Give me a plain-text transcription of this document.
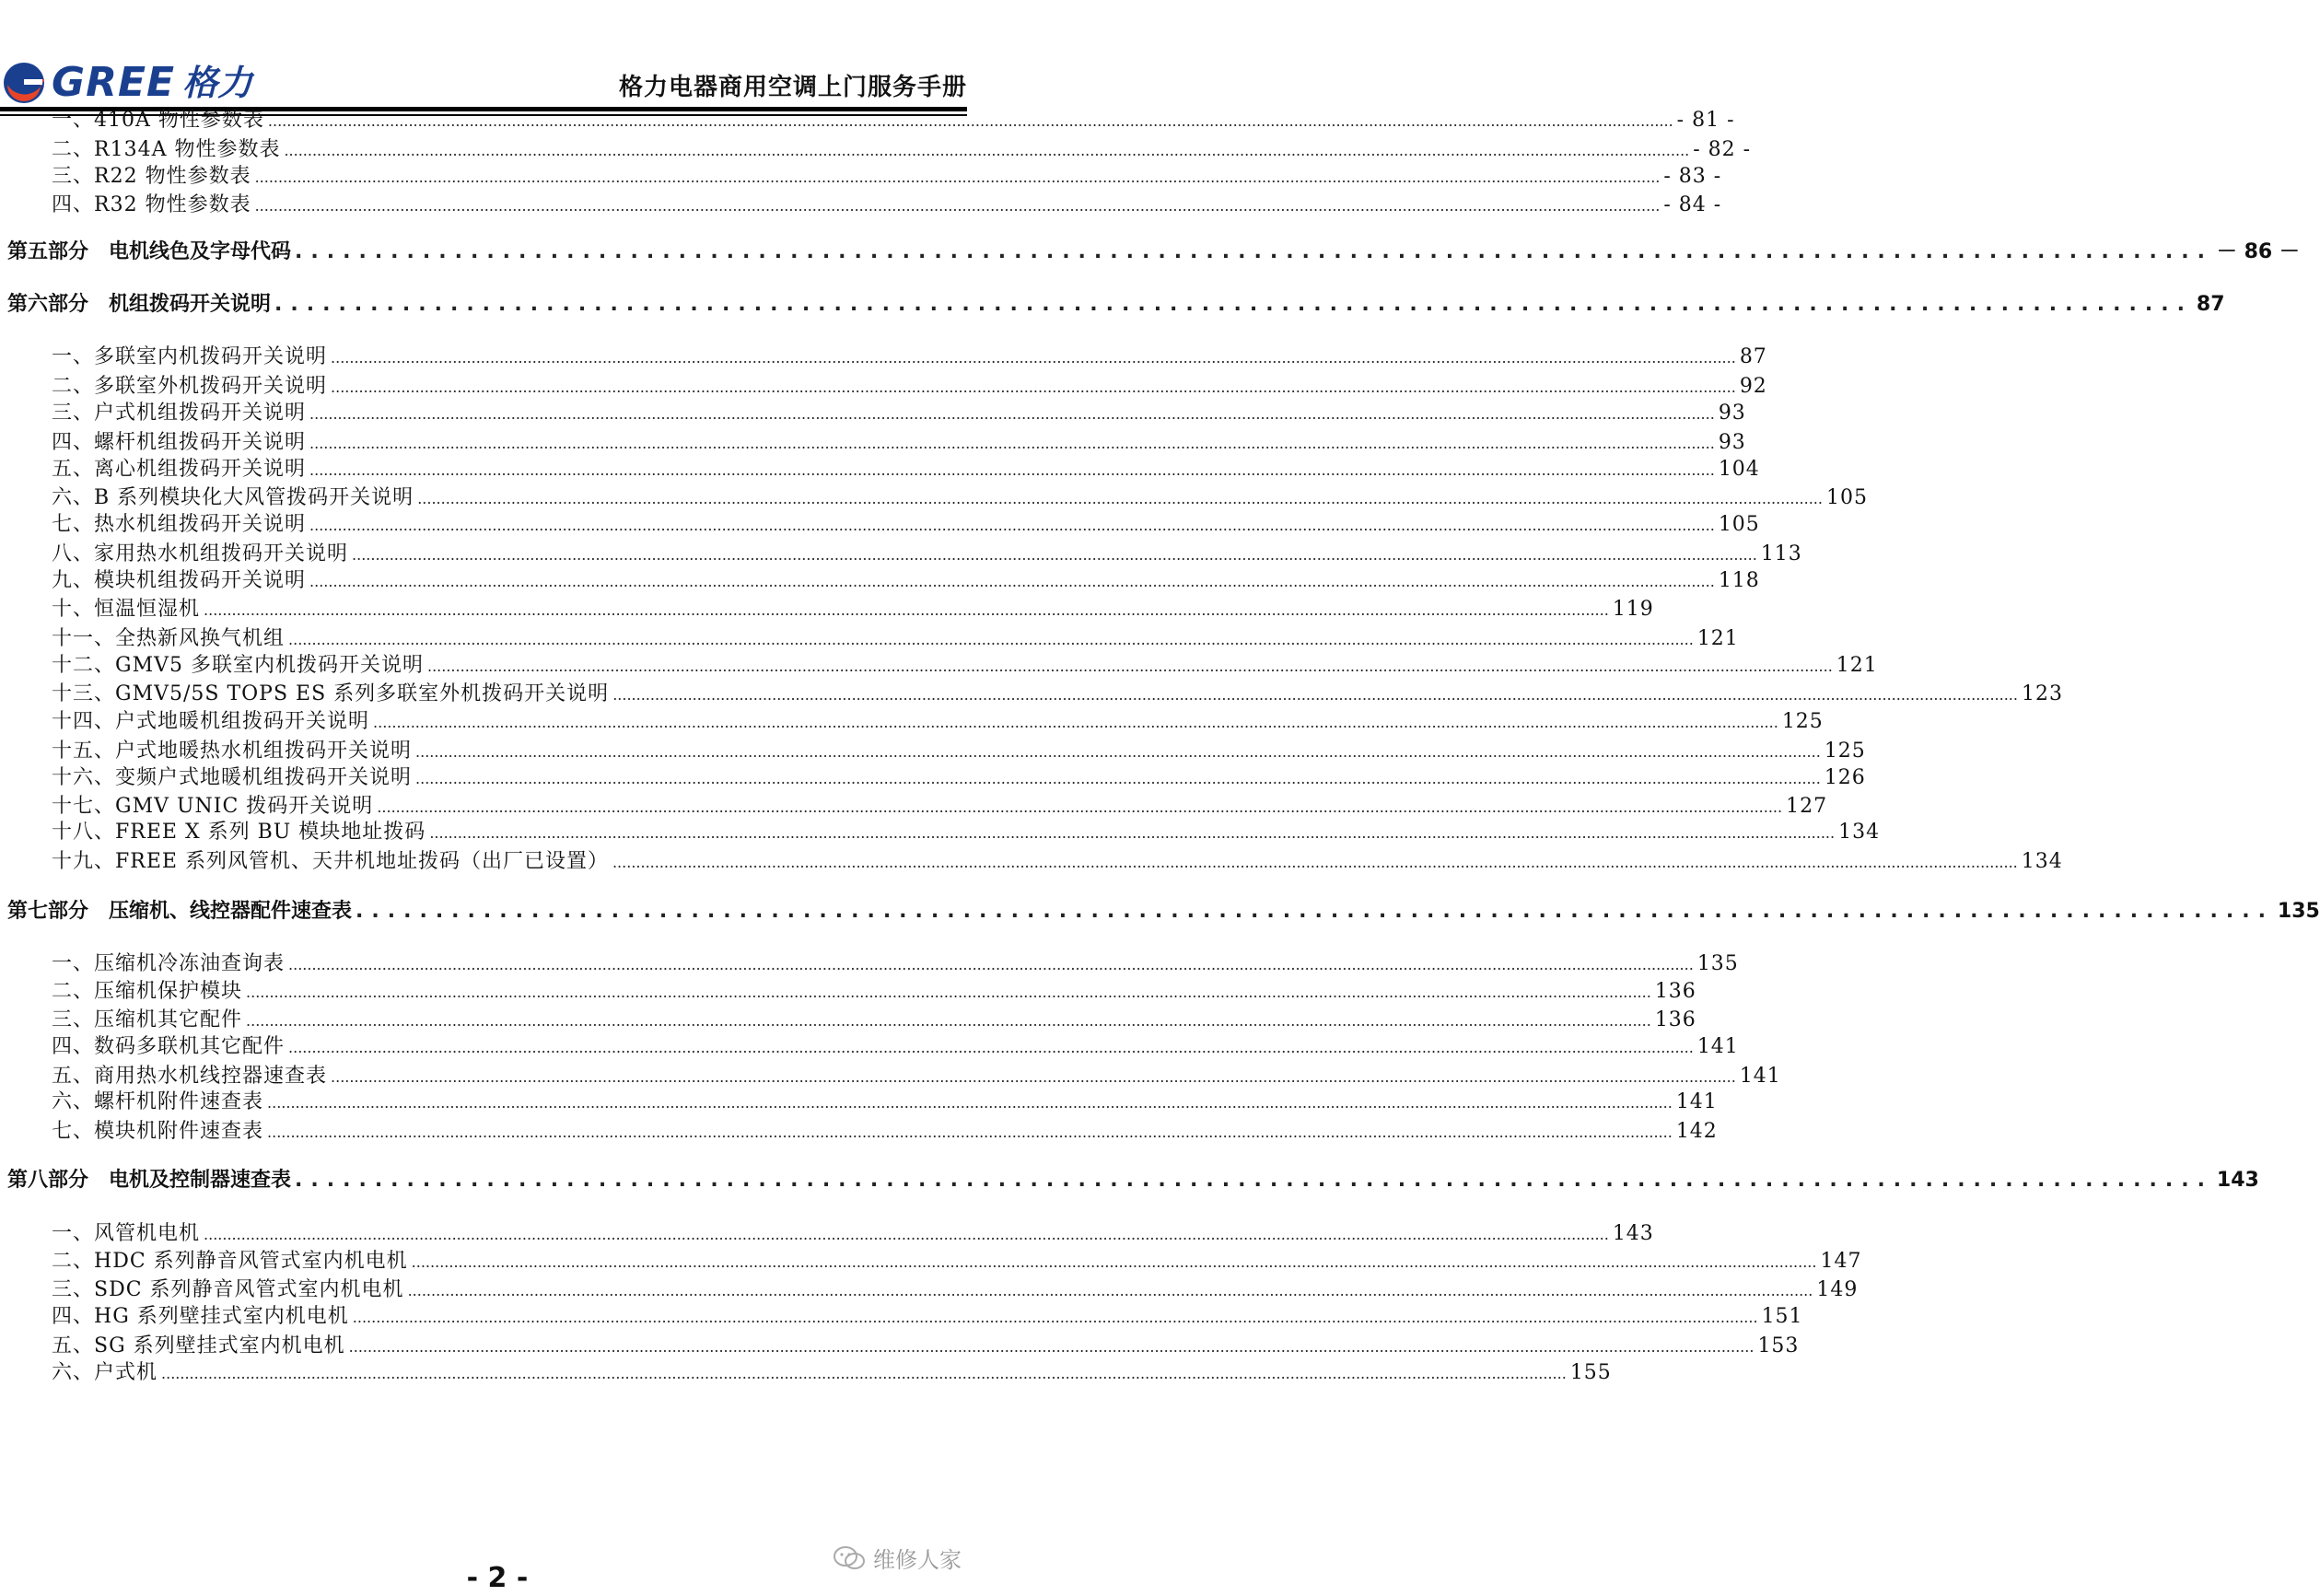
GREE 格力	格力电器商用空调上门服务手册
一、 410A 物性参数表 ............................................................................................................................................................................................................................................................................................................ - 81 -
二、 R134A 物性参数表 ............................................................................................................................................................................................................................................................................................................ - 82 -
三、 R22 物性参数表 ............................................................................................................................................................................................................................................................................................................ - 83 -
四、 R32 物性参数表 ............................................................................................................................................................................................................................................................................................................ - 84 -
第五部分 电机线色及字母代码 ........................................................................................................................ － 86 －
第六部分 机组拨码开关说明 ........................................................................................................................ 87
一、 多联室内机拨码开关说明 ............................................................................................................................................................................................................................................................................................................ 87
二、 多联室外机拨码开关说明 ............................................................................................................................................................................................................................................................................................................ 92
三、 户式机组拨码开关说明 ............................................................................................................................................................................................................................................................................................................ 93
四、 螺杆机组拨码开关说明 ............................................................................................................................................................................................................................................................................................................ 93
五、 离心机组拨码开关说明 ............................................................................................................................................................................................................................................................................................................ 104
六、 B 系列模块化大风管拨码开关说明 ............................................................................................................................................................................................................................................................................................................ 105
七、 热水机组拨码开关说明 ............................................................................................................................................................................................................................................................................................................ 105
八、 家用热水机组拨码开关说明 ............................................................................................................................................................................................................................................................................................................ 113
九、 模块机组拨码开关说明 ............................................................................................................................................................................................................................................................................................................ 118
十、 恒温恒湿机 ............................................................................................................................................................................................................................................................................................................ 119
十一、 全热新风换气机组 ............................................................................................................................................................................................................................................................................................................ 121
十二、 GMV5 多联室内机拨码开关说明 ............................................................................................................................................................................................................................................................................................................ 121
十三、 GMV5/5S TOPS ES 系列多联室外机拨码开关说明 ............................................................................................................................................................................................................................................................................................................ 123
十四、 户式地暖机组拨码开关说明 ............................................................................................................................................................................................................................................................................................................ 125
十五、 户式地暖热水机组拨码开关说明 ............................................................................................................................................................................................................................................................................................................ 125
十六、 变频户式地暖机组拨码开关说明 ............................................................................................................................................................................................................................................................................................................ 126
十七、 GMV UNIC 拨码开关说明 ............................................................................................................................................................................................................................................................................................................ 127
十八、 FREE X 系列 BU 模块地址拨码 ............................................................................................................................................................................................................................................................................................................ 134
十九、 FREE 系列风管机、天井机地址拨码（出厂已设置） ............................................................................................................................................................................................................................................................................................................ 134
第七部分 压缩机、线控器配件速查表 ........................................................................................................................ 135
一、 压缩机冷冻油查询表 ............................................................................................................................................................................................................................................................................................................ 135
二、 压缩机保护模块 ............................................................................................................................................................................................................................................................................................................ 136
三、 压缩机其它配件 ............................................................................................................................................................................................................................................................................................................ 136
四、 数码多联机其它配件 ............................................................................................................................................................................................................................................................................................................ 141
五、 商用热水机线控器速查表 ............................................................................................................................................................................................................................................................................................................ 141
六、 螺杆机附件速查表 ............................................................................................................................................................................................................................................................................................................ 141
七、 模块机附件速查表 ............................................................................................................................................................................................................................................................................................................ 142
第八部分 电机及控制器速查表 ........................................................................................................................ 143
一、 风管机电机 ............................................................................................................................................................................................................................................................................................................ 143
二、 HDC 系列静音风管式室内机电机 ............................................................................................................................................................................................................................................................................................................ 147
三、 SDC 系列静音风管式室内机电机 ............................................................................................................................................................................................................................................................................................................ 149
四、 HG 系列壁挂式室内机电机 ............................................................................................................................................................................................................................................................................................................ 151
五、 SG 系列壁挂式室内机电机 ............................................................................................................................................................................................................................................................................................................ 153
六、 户式机 ............................................................................................................................................................................................................................................................................................................ 155
维修人家
- 2 -
